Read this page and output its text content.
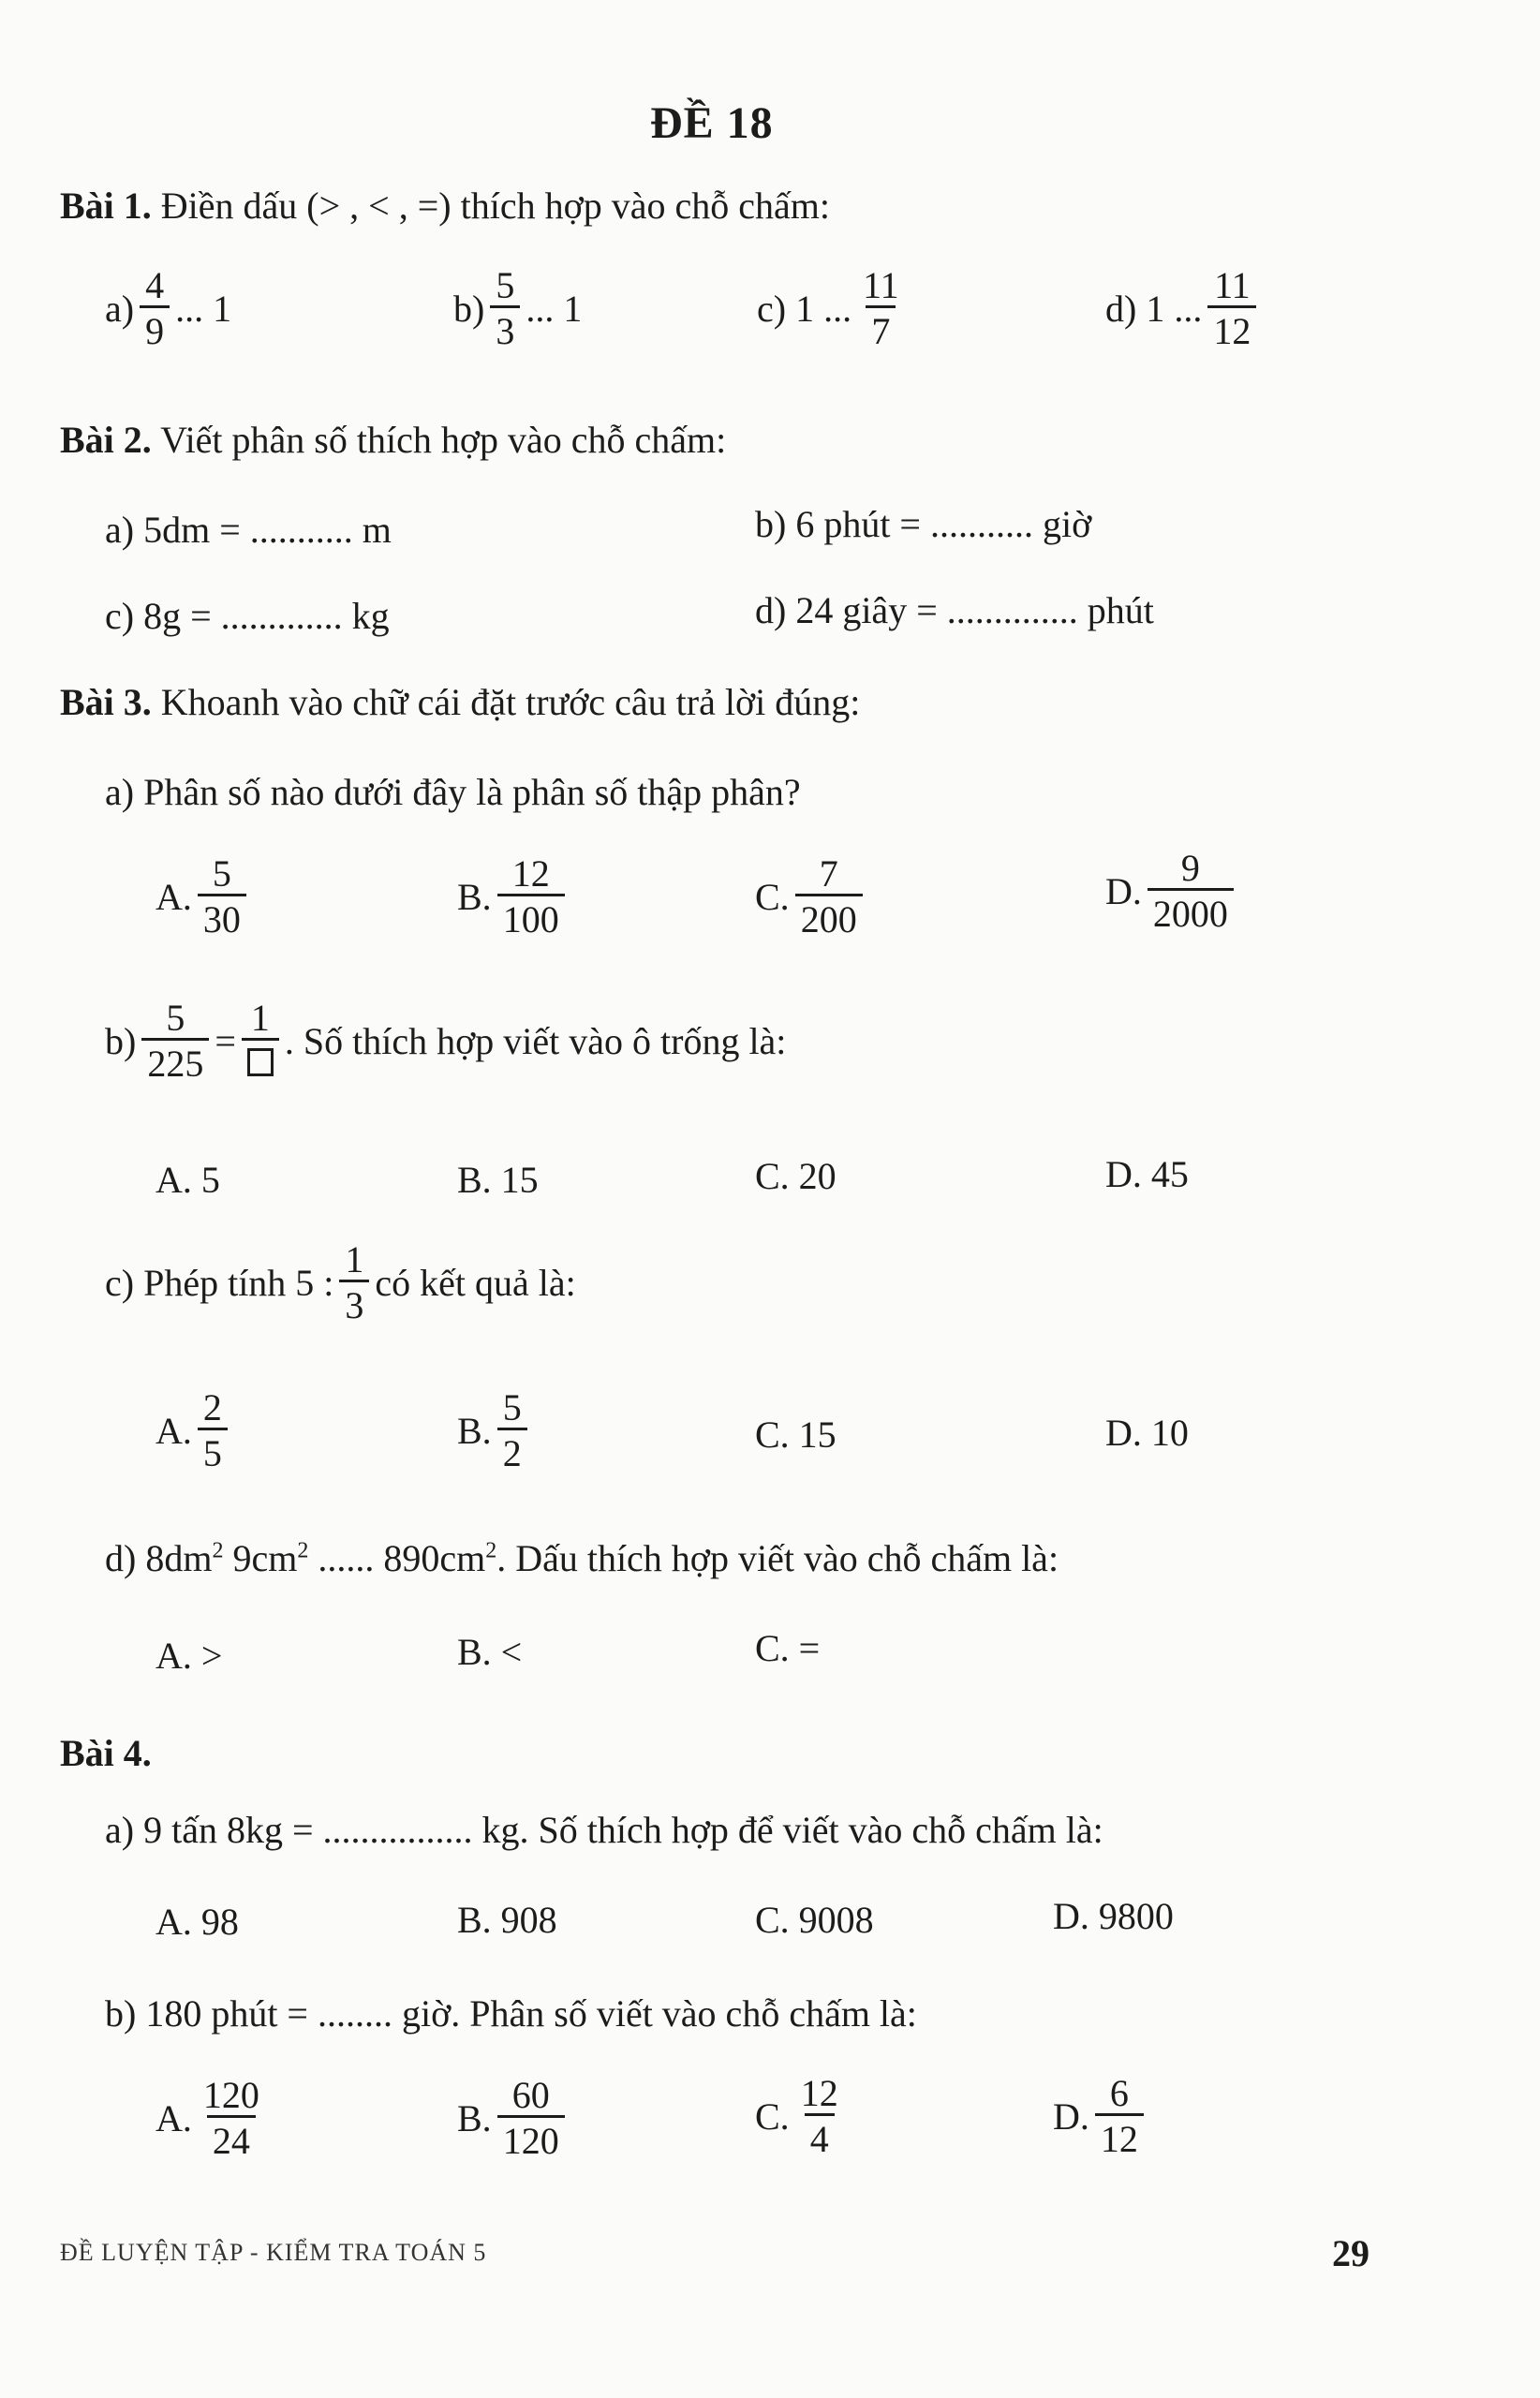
ĐỀ 18
Bài 1. Điền dấu (> , < , =) thích hợp vào chỗ chấm:
$a) \frac{4}{9}$ ... 1	$b) \frac{5}{3}$ ... 1	c) 1 ... $\frac{11}{7}$	d) 1 ... $\frac{11}{12}$
Bài 2. Viết phân số thích hợp vào chỗ chấm:
a) 5dm = ........... m	b) 6 phút = ........... giờ
c) 8g = ............. kg	d) 24 giây = .............. phút
Bài 3. Khoanh vào chữ cái đặt trước câu trả lời đúng:
a) Phân số nào dưới đây là phân số thập phân?
A. $\frac{5}{30}$	B. $\frac{12}{100}$	C. $\frac{7}{200}$	D. $\frac{9}{2000}$
$b) \frac{5}{225}$ =
1
. Số thích hợp viết vào ô trống là:
A. 5	B. 15	C. 20	D. 45
c) Phép tính 5 : $\frac{1}{3}$ có kết quả là:
A. $\frac{2}{5}$	B. $\frac{5}{2}$	C. 15	D. 10
d) $8dm^2$ $9cm^2$ ...... $890cm^2$. Dấu thích hợp viết vào chỗ chấm là:
A. >	B. <	C. =
Bài 4.
a) 9 tấn 8kg = ................ kg. Số thích hợp để viết vào chỗ chấm là:
A. 98	B. 908	C. 9008	D. 9800
b) 180 phút = ........ giờ. Phân số viết vào chỗ chấm là:
A. $\frac{120}{24}$	B. $\frac{60}{120}$	C. $\frac{12}{4}$	D. $\frac{6}{12}$
ĐỀ LUYỆN TẬP - KIỂM TRA TOÁN 5	29
